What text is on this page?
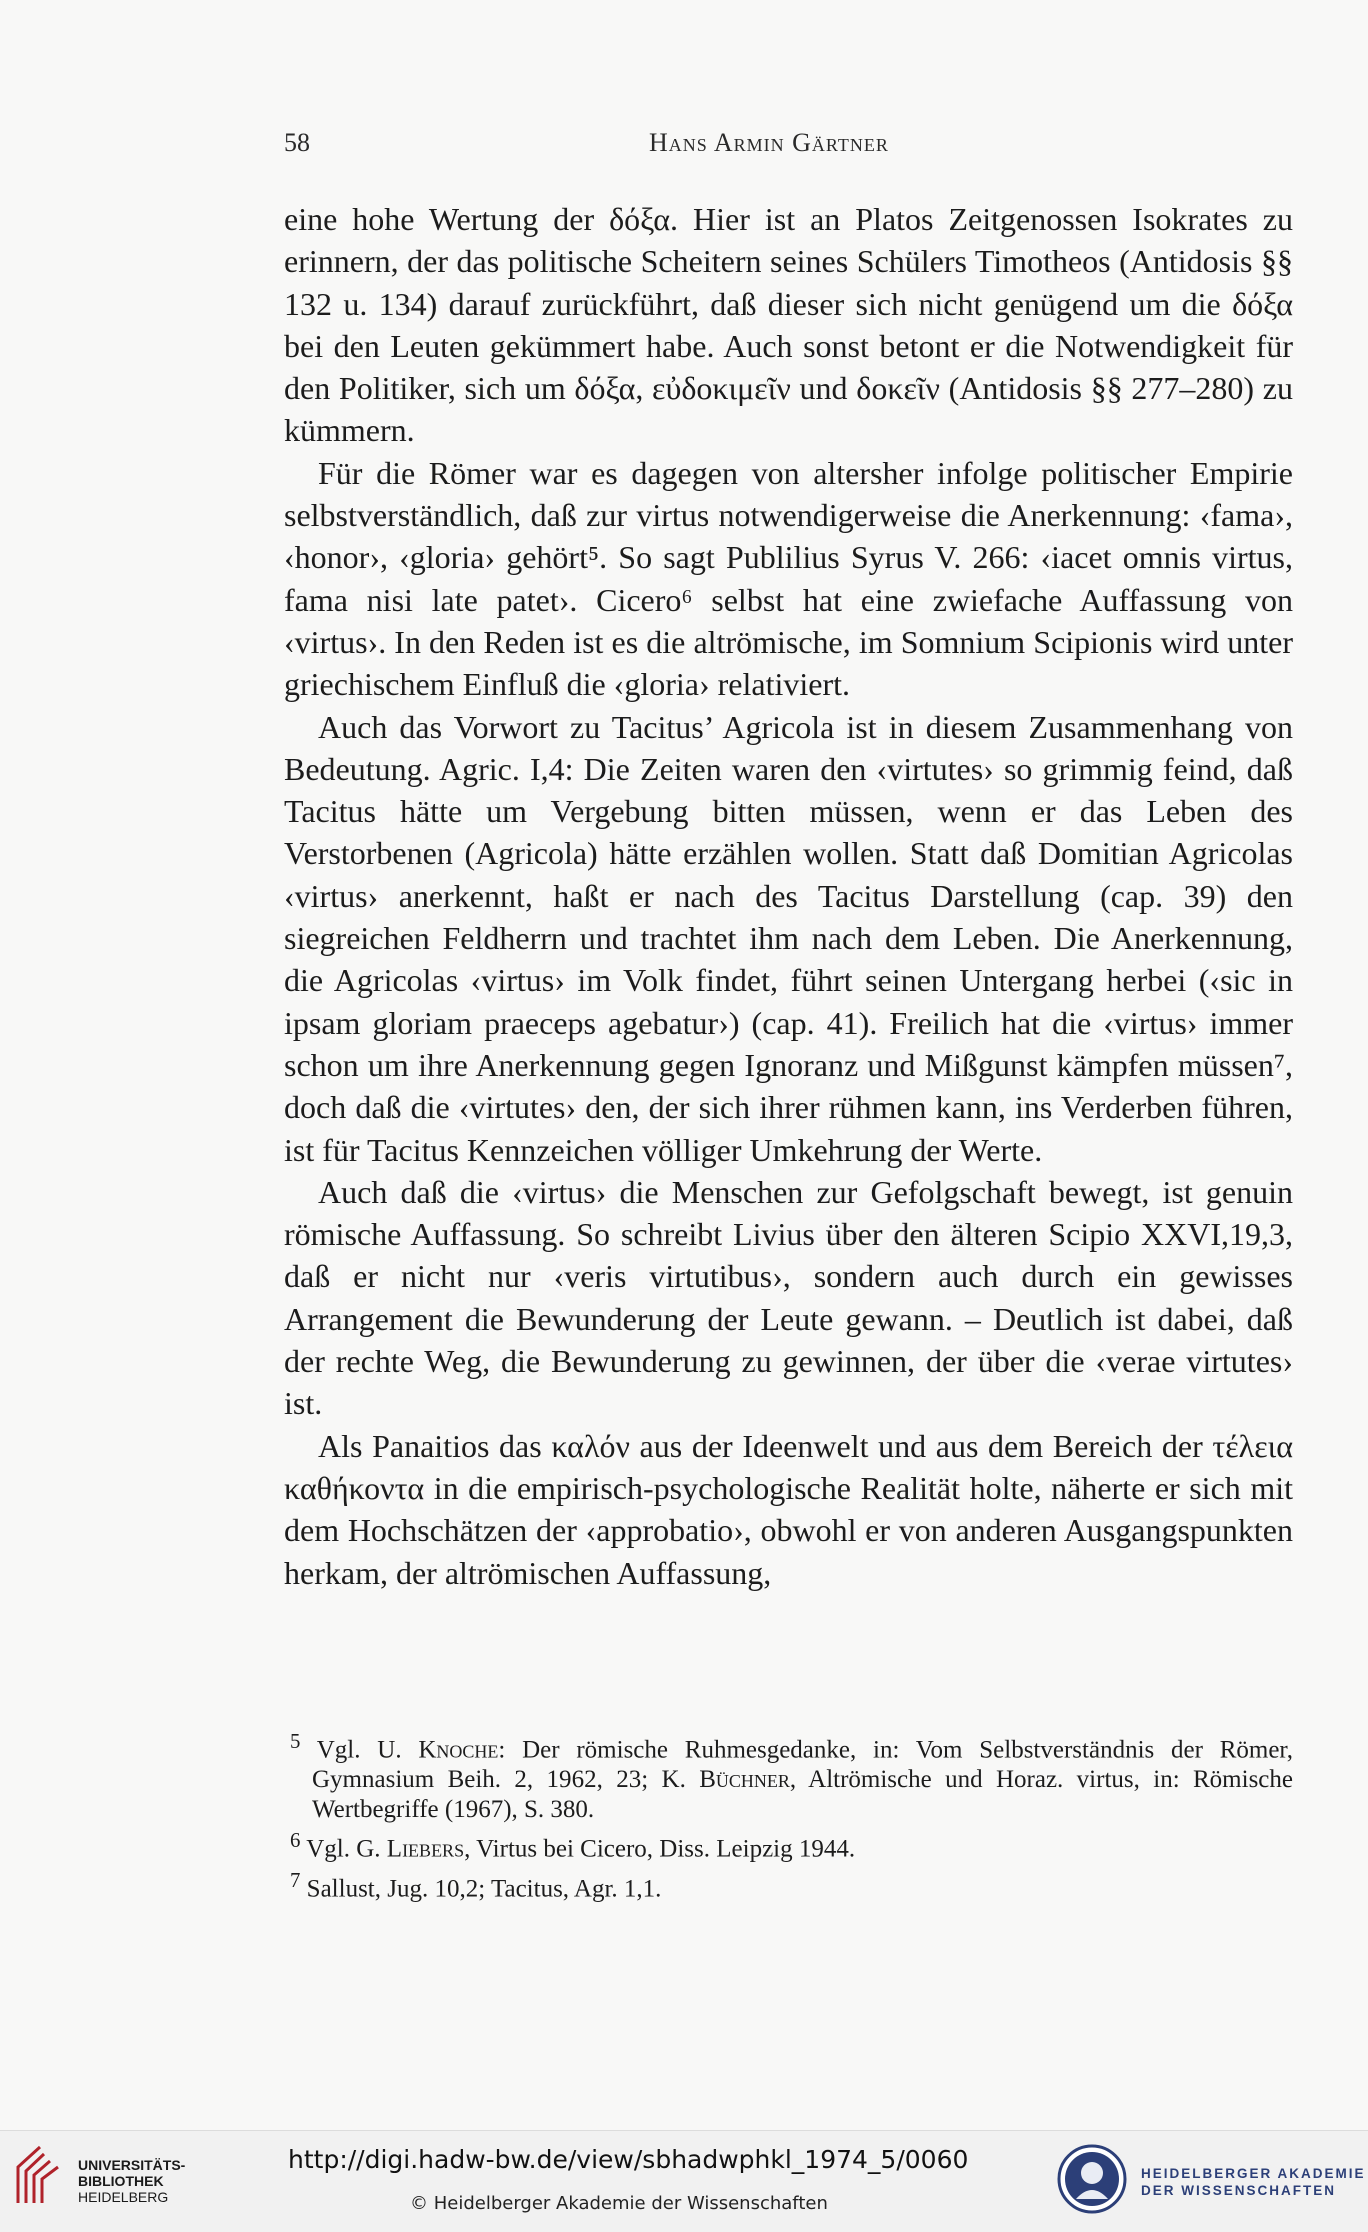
58	Hans Armin Gärtner

eine hohe Wertung der δόξα. Hier ist an Platos Zeitgenossen Isokrates zu erinnern, der das politische Scheitern seines Schülers Timotheos (Antidosis §§ 132 u. 134) darauf zurückführt, daß dieser sich nicht genügend um die δόξα bei den Leuten gekümmert habe. Auch sonst betont er die Notwendigkeit für den Politiker, sich um δόξα, εὐδοκιμεῖν und δοκεῖν (Antidosis §§ 277–280) zu kümmern.

Für die Römer war es dagegen von altersher infolge politischer Empirie selbstverständlich, daß zur virtus notwendigerweise die Anerkennung: ‹fama›, ‹honor›, ‹gloria› gehört⁵. So sagt Publilius Syrus V. 266: ‹iacet omnis virtus, fama nisi late patet›. Cicero⁶ selbst hat eine zwiefache Auffassung von ‹virtus›. In den Reden ist es die altrömische, im Somnium Scipionis wird unter griechischem Einfluß die ‹gloria› relativiert.

Auch das Vorwort zu Tacitus’ Agricola ist in diesem Zusammenhang von Bedeutung. Agric. I,4: Die Zeiten waren den ‹virtutes› so grimmig feind, daß Tacitus hätte um Vergebung bitten müssen, wenn er das Leben des Verstorbenen (Agricola) hätte erzählen wollen. Statt daß Domitian Agricolas ‹virtus› anerkennt, haßt er nach des Tacitus Darstellung (cap. 39) den siegreichen Feldherrn und trachtet ihm nach dem Leben. Die Anerkennung, die Agricolas ‹virtus› im Volk findet, führt seinen Untergang herbei (‹sic in ipsam gloriam praeceps agebatur›) (cap. 41). Freilich hat die ‹virtus› immer schon um ihre Anerkennung gegen Ignoranz und Mißgunst kämpfen müssen⁷, doch daß die ‹virtutes› den, der sich ihrer rühmen kann, ins Verderben führen, ist für Tacitus Kennzeichen völliger Umkehrung der Werte.

Auch daß die ‹virtus› die Menschen zur Gefolgschaft bewegt, ist genuin römische Auffassung. So schreibt Livius über den älteren Scipio XXVI,19,3, daß er nicht nur ‹veris virtutibus›, sondern auch durch ein gewisses Arrangement die Bewunderung der Leute gewann. – Deutlich ist dabei, daß der rechte Weg, die Bewunderung zu gewinnen, der über die ‹verae virtutes› ist.

Als Panaitios das καλόν aus der Ideenwelt und aus dem Bereich der τέλεια καθήκοντα in die empirisch-psychologische Realität holte, näherte er sich mit dem Hochschätzen der ‹approbatio›, obwohl er von anderen Ausgangspunkten herkam, der altrömischen Auffassung,

$^5$ Vgl. U. Knoche: Der römische Ruhmesgedanke, in: Vom Selbstverständnis der Römer, Gymnasium Beih. 2, 1962, 23; K. Büchner, Altrömische und Horaz. virtus, in: Römische Wertbegriffe (1967), S. 380.

$^6$ Vgl. G. Liebers, Virtus bei Cicero, Diss. Leipzig 1944.

$^7$ Sallust, Jug. 10,2; Tacitus, Agr. 1,1.

UNIVERSITÄTS-
BIBLIOTHEK
HEIDELBERG
http://digi.hadw-bw.de/view/sbhadwphkl_1974_5/0060
© Heidelberger Akademie der Wissenschaften
HEIDELBERGER AKADEMIE
DER WISSENSCHAFTEN
